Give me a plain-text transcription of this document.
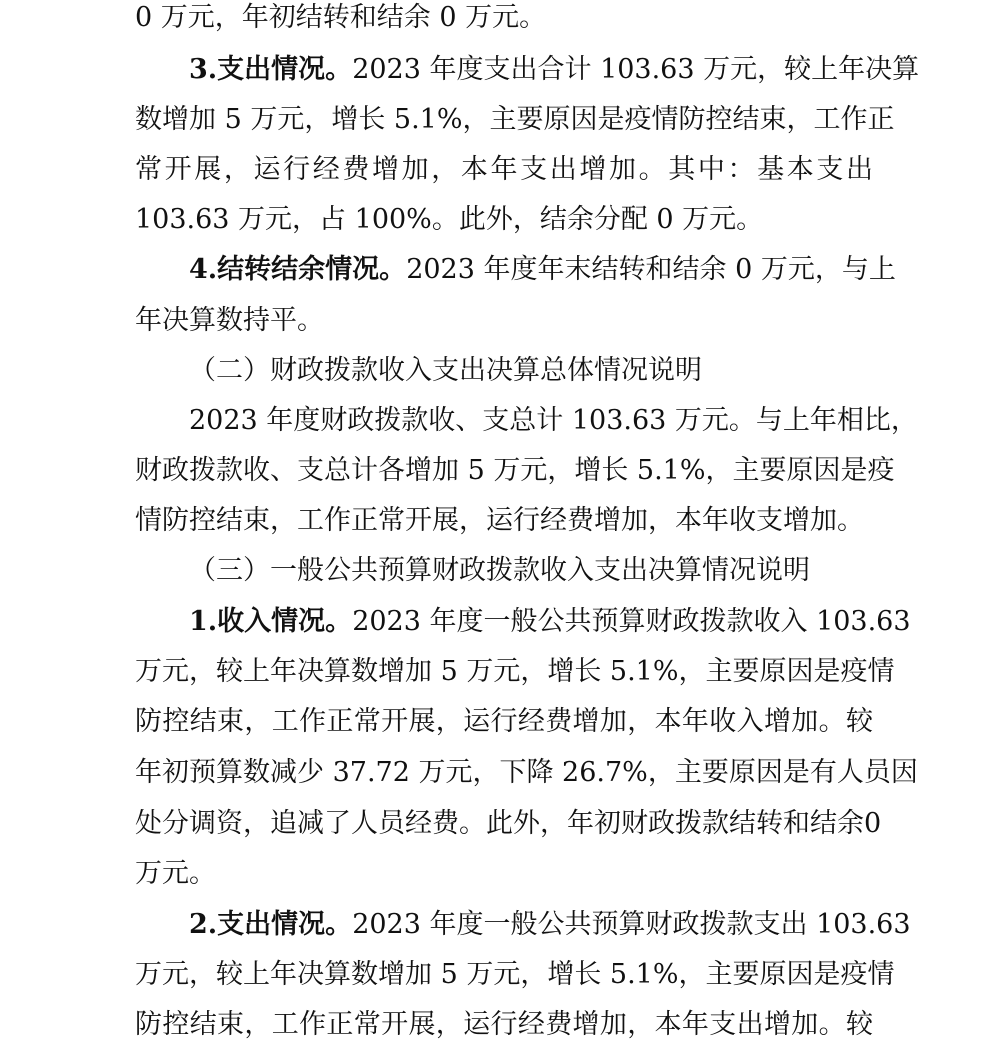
0 万元，年初结转和结余 0 万元。
3.支出情况。2023 年度支出合计 103.63 万元，较上年决算
数增加 5 万元，增长 5.1%，主要原因是疫情防控结束，工作正
常开展，运行经费增加，本年支出增加。其中：基本支出
103.63 万元，占 100%。此外，结余分配 0 万元。
4.结转结余情况。2023 年度年末结转和结余 0 万元，与上
年决算数持平。
（二）财政拨款收入支出决算总体情况说明
2023 年度财政拨款收、支总计 103.63 万元。与上年相比，
财政拨款收、支总计各增加 5 万元，增长 5.1%，主要原因是疫
情防控结束，工作正常开展，运行经费增加，本年收支增加。
（三）一般公共预算财政拨款收入支出决算情况说明
1.收入情况。2023 年度一般公共预算财政拨款收入 103.63
万元，较上年决算数增加 5 万元，增长 5.1%，主要原因是疫情
防控结束，工作正常开展，运行经费增加，本年收入增加。较
年初预算数减少 37.72 万元，下降 26.7%，主要原因是有人员因
处分调资，追减了人员经费。此外，年初财政拨款结转和结余0
万元。
2.支出情况。2023 年度一般公共预算财政拨款支出 103.63
万元，较上年决算数增加 5 万元，增长 5.1%，主要原因是疫情
防控结束，工作正常开展，运行经费增加，本年支出增加。较
